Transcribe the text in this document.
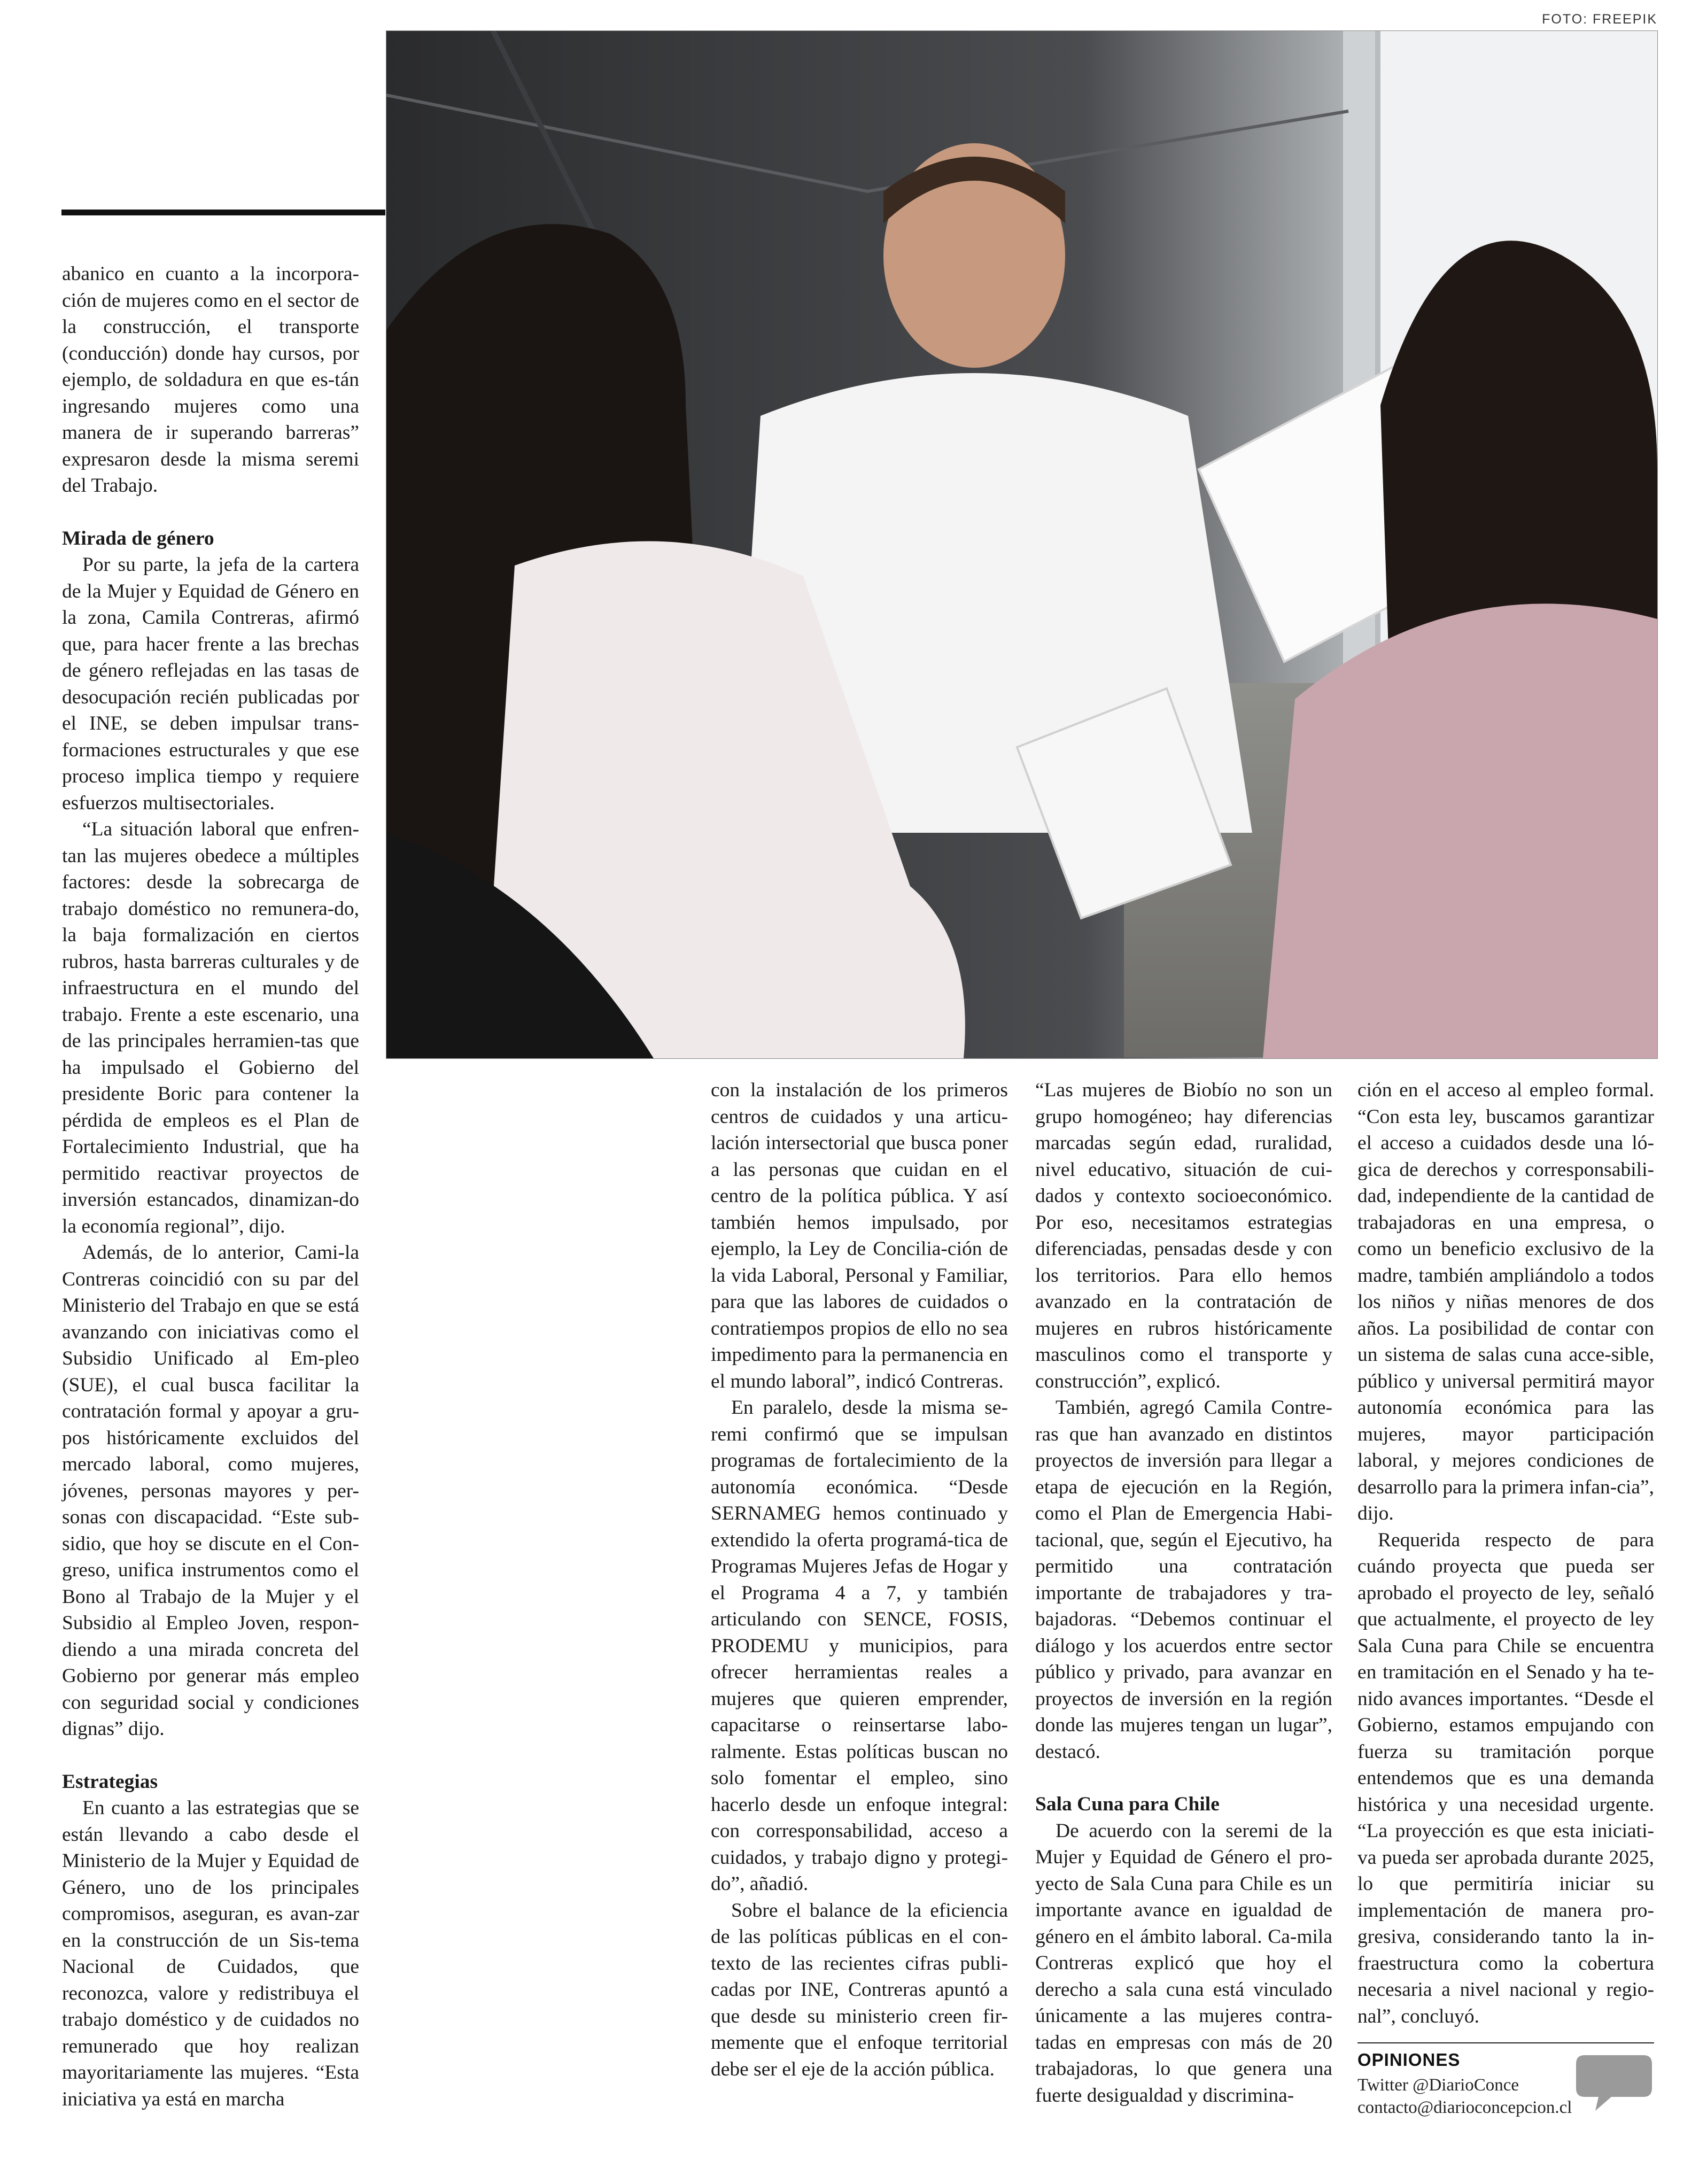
FOTO: FREEPIK

abanico en cuanto a la incorpora-ción de mujeres como en el sector de la construcción, el transporte (conducción) donde hay cursos, por ejemplo, de soldadura en que es-tán ingresando mujeres como una manera de ir superando barreras” expresaron desde la misma seremi del Trabajo.

Mirada de género

Por su parte, la jefa de la cartera de la Mujer y Equidad de Género en la zona, Camila Contreras, afirmó que, para hacer frente a las brechas de género reflejadas en las tasas de desocupación recién publicadas por el INE, se deben impulsar trans-formaciones estructurales y que ese proceso implica tiempo y requiere esfuerzos multisectoriales.

“La situación laboral que enfren-tan las mujeres obedece a múltiples factores: desde la sobrecarga de trabajo doméstico no remunera-do, la baja formalización en ciertos rubros, hasta barreras culturales y de infraestructura en el mundo del trabajo. Frente a este escenario, una de las principales herramien-tas que ha impulsado el Gobierno del presidente Boric para contener la pérdida de empleos es el Plan de Fortalecimiento Industrial, que ha permitido reactivar proyectos de inversión estancados, dinamizan-do la economía regional”, dijo.

Además, de lo anterior, Cami-la Contreras coincidió con su par del Ministerio del Trabajo en que se está avanzando con iniciativas como el Subsidio Unificado al Em-pleo (SUE), el cual busca facilitar la contratación formal y apoyar a gru-pos históricamente excluidos del mercado laboral, como mujeres, jóvenes, personas mayores y per-sonas con discapacidad. “Este sub-sidio, que hoy se discute en el Con-greso, unifica instrumentos como el Bono al Trabajo de la Mujer y el Subsidio al Empleo Joven, respon-diendo a una mirada concreta del Gobierno por generar más empleo con seguridad social y condiciones dignas” dijo.

Estrategias

En cuanto a las estrategias que se están llevando a cabo desde el Ministerio de la Mujer y Equidad de Género, uno de los principales compromisos, aseguran, es avan-zar en la construcción de un Sis-tema Nacional de Cuidados, que reconozca, valore y redistribuya el trabajo doméstico y de cuidados no remunerado que hoy realizan mayoritariamente las mujeres. “Esta iniciativa ya está en marcha

con la instalación de los primeros centros de cuidados y una articu-lación intersectorial que busca poner a las personas que cuidan en el centro de la política pública. Y así también hemos impulsado, por ejemplo, la Ley de Concilia-ción de la vida Laboral, Personal y Familiar, para que las labores de cuidados o contratiempos propios de ello no sea impedimento para la permanencia en el mundo laboral”, indicó Contreras.

En paralelo, desde la misma se-remi confirmó que se impulsan programas de fortalecimiento de la autonomía económica. “Desde SERNAMEG hemos continuado y extendido la oferta programá-tica de Programas Mujeres Jefas de Hogar y el Programa 4 a 7, y también articulando con SENCE, FOSIS, PRODEMU y municipios, para ofrecer herramientas reales a mujeres que quieren emprender, capacitarse o reinsertarse labo-ralmente. Estas políticas buscan no solo fomentar el empleo, sino hacerlo desde un enfoque integral: con corresponsabilidad, acceso a cuidados, y trabajo digno y protegi-do”, añadió.

Sobre el balance de la eficiencia de las políticas públicas en el con-texto de las recientes cifras publi-cadas por INE, Contreras apuntó a que desde su ministerio creen fir-memente que el enfoque territorial debe ser el eje de la acción pública.

“Las mujeres de Biobío no son un grupo homogéneo; hay diferencias marcadas según edad, ruralidad, nivel educativo, situación de cui-dados y contexto socioeconómico. Por eso, necesitamos estrategias diferenciadas, pensadas desde y con los territorios. Para ello hemos avanzado en la contratación de mujeres en rubros históricamente masculinos como el transporte y construcción”, explicó.

También, agregó Camila Contre-ras que han avanzado en distintos proyectos de inversión para llegar a etapa de ejecución en la Región, como el Plan de Emergencia Habi-tacional, que, según el Ejecutivo, ha permitido una contratación importante de trabajadores y tra-bajadoras. “Debemos continuar el diálogo y los acuerdos entre sector público y privado, para avanzar en proyectos de inversión en la región donde las mujeres tengan un lugar”, destacó.

Sala Cuna para Chile

De acuerdo con la seremi de la Mujer y Equidad de Género el pro-yecto de Sala Cuna para Chile es un importante avance en igualdad de género en el ámbito laboral. Ca-mila Contreras explicó que hoy el derecho a sala cuna está vinculado únicamente a las mujeres contra-tadas en empresas con más de 20 trabajadoras, lo que genera una fuerte desigualdad y discrimina-

ción en el acceso al empleo formal. “Con esta ley, buscamos garantizar el acceso a cuidados desde una ló-gica de derechos y corresponsabili-dad, independiente de la cantidad de trabajadoras en una empresa, o como un beneficio exclusivo de la madre, también ampliándolo a todos los niños y niñas menores de dos años. La posibilidad de contar con un sistema de salas cuna acce-sible, público y universal permitirá mayor autonomía económica para las mujeres, mayor participación laboral, y mejores condiciones de desarrollo para la primera infan-cia”, dijo.

Requerida respecto de para cuándo proyecta que pueda ser aprobado el proyecto de ley, señaló que actualmente, el proyecto de ley Sala Cuna para Chile se encuentra en tramitación en el Senado y ha te-nido avances importantes. “Desde el Gobierno, estamos empujando con fuerza su tramitación porque entendemos que es una demanda histórica y una necesidad urgente. “La proyección es que esta iniciati-va pueda ser aprobada durante 2025, lo que permitiría iniciar su implementación de manera pro-gresiva, considerando tanto la in-fraestructura como la cobertura necesaria a nivel nacional y regio-nal”, concluyó.

OPINIONES
Twitter @DiarioConce
contacto@diarioconcepcion.cl
